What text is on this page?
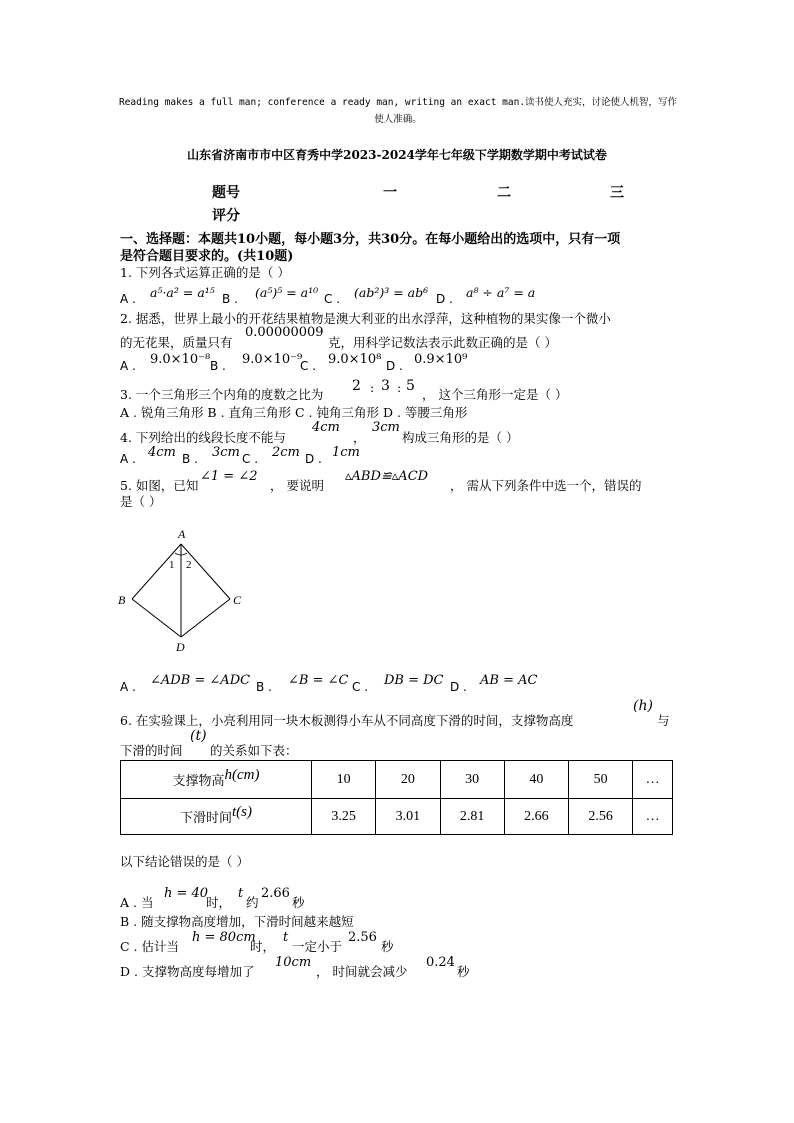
Reading makes a full man; conference a ready man, writing an exact man.读书使人充实，讨论使人机智，写作使人准确。
山东省济南市市中区育秀中学2023-2024学年七年级下学期数学期中考试试卷
题号	一	二	三
评分
一、选择题：本题共10小题，每小题3分，共30分。在每小题给出的选项中，只有一项
是符合题目要求的。(共10题)
1. 下列各式运算正确的是（ ）
A . a⁵·a² = a¹⁵ B . (a⁵)⁵ = a¹⁰ C . (ab²)³ = ab⁶ D . a⁸ ÷ a⁷ = a
2. 据悉，世界上最小的开花结果植物是澳大利亚的出水浮萍，这种植物的果实像一个微小
的无花果，质量只有
0.00000009
克，用科学记数法表示此数正确的是（ ）
A . 9.0×10⁻⁸ B . 9.0×10⁻⁹
C . 9.0×10⁸ D . 0.9×10⁹
3. 一个三角形三个内角的度数之比为
2 : 3 : 5
， 这个三角形一定是（ ）
A . 锐角三角形 B . 直角三角形 C . 钝角三角形 D . 等腰三角形
4. 下列给出的线段长度不能与
4cm
，
3cm
构成三角形的是（ ）
A . 4cm B . 3cm C . 2cm D . 1cm
5. 如图，已知
∠1 = ∠2
， 要说明
▵ABD≌▵ACD
， 需从下列条件中选一个，错误的
是（ ）
A
B	C
D
1 2
A . ∠ADB = ∠ADC B . ∠B = ∠C C . DB = DC D . AB = AC
6. 在实验课上，小亮利用同一块木板测得小车从不同高度下滑的时间，支撑物高度
(h)
与
下滑的时间
(t)
的关系如下表：
支撑物高h(cm)	10	20	30	40	50	…
下滑时间t(s)	3.25	3.01	2.81	2.66	2.56	…
以下结论错误的是（ ）
A . 当
h = 40
时，
t
约
2.66
秒
B . 随支撑物高度增加，下滑时间越来越短
C . 估计当
h = 80cm
时，
t
一定小于
2.56
秒
D . 支撑物高度每增加了
10cm
， 时间就会减少
0.24
秒
